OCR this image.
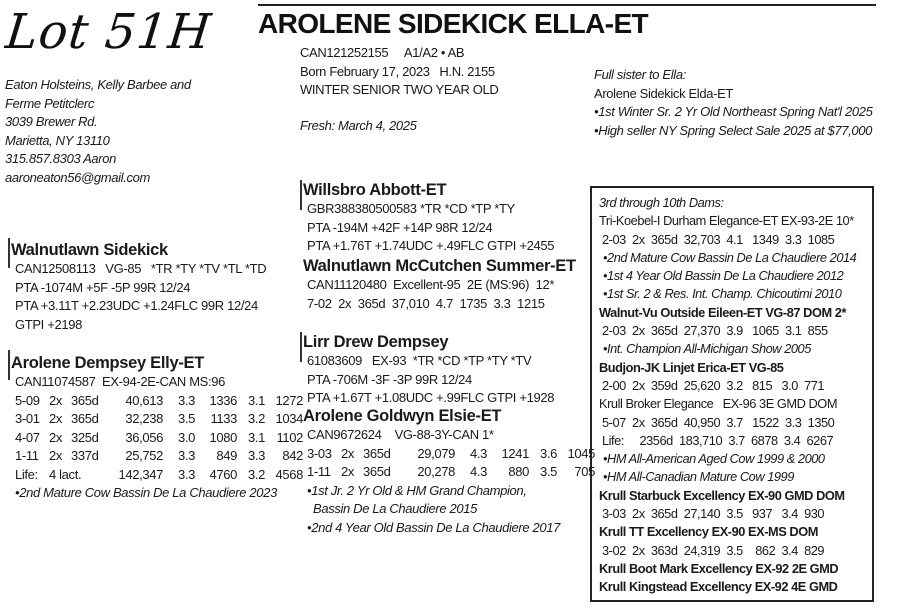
Lot 51H AROLENE SIDEKICK ELLA-ET
CAN121252155     A1/A2 • AB
Born February 17, 2023   H.N. 2155
WINTER SENIOR TWO YEAR OLD
Fresh: March 4, 2025
Eaton Holsteins, Kelly Barbee and
Ferme Petitclerc
3039 Brewer Rd.
Marietta, NY 13110
315.857.8303 Aaron
aaroneaton56@gmail.com
Full sister to Ella:
Arolene Sidekick Elda-ET
•1st Winter Sr. 2 Yr Old Northeast Spring Nat'l 2025
•High seller NY Spring Select Sale 2025 at $77,000
Walnutlawn Sidekick
CAN12508113   VG-85   *TR *TY *TV *TL *TD
PTA -1074M +5F -5P 99R 12/24
PTA +3.11T +2.23UDC +1.24FLC 99R 12/24
GTPI +2198
Arolene Dempsey Elly-ET
CAN11074587  EX-94-2E-CAN MS:96
5-09 2x 365d 40,613 3.3 1336 3.1 1272
3-01 2x 365d 32,238 3.5 1133 3.2 1034
4-07 2x 325d 36,056 3.0 1080 3.1 1102
1-11 2x 337d 25,752 3.3 849 3.3 842
Life: 4 lact.	142,347 3.3 4760 3.2 4568
•2nd Mature Cow Bassin De La Chaudiere 2023
Willsbro Abbott-ET
GBR388380500583 *TR *CD *TP *TY
PTA -194M +42F +14P 98R 12/24
PTA +1.76T +1.74UDC +.49FLC GTPI +2455
Walnutlawn McCutchen Summer-ET
CAN11120480  Excellent-95  2E (MS:96)  12*
7-02  2x  365d  37,010  4.7  1735  3.3  1215
Lirr Drew Dempsey
61083609   EX-93  *TR *CD *TP *TY *TV
PTA -706M -3F -3P 99R 12/24
PTA +1.67T +1.08UDC +.99FLC GTPI +1928
Arolene Goldwyn Elsie-ET
CAN9672624    VG-88-3Y-CAN 1*
3-03 2x 365d 29,079 4.3 1241 3.6 1045
1-11 2x 365d 20,278 4.3 880 3.5 705
•1st Jr. 2 Yr Old & HM Grand Champion,
Bassin De La Chaudiere 2015
•2nd 4 Year Old Bassin De La Chaudiere 2017
3rd through 10th Dams:
Tri-Koebel-I Durham Elegance-ET EX-93-2E 10*
2-03  2x  365d  32,703  4.1   1349  3.3  1085
•2nd Mature Cow Bassin De La Chaudiere 2014
•1st 4 Year Old Bassin De La Chaudiere 2012
•1st Sr. 2 & Res. Int. Champ. Chicoutimi 2010
Walnut-Vu Outside Eileen-ET VG-87 DOM 2*
2-03  2x  365d  27,370  3.9   1065  3.1  855
•Int. Champion All-Michigan Show 2005
Budjon-JK Linjet Erica-ET VG-85
2-00  2x  359d  25,620  3.2   815   3.0  771
Krull Broker Elegance   EX-96 3E GMD DOM
5-07  2x  365d  40,950  3.7   1522  3.3  1350
Life:     2356d  183,710  3.7  6878  3.4  6267
•HM All-American Aged Cow 1999 & 2000
•HM All-Canadian Mature Cow 1999
Krull Starbuck Excellency EX-90 GMD DOM
3-03  2x  365d  27,140  3.5   937   3.4  930
Krull TT Excellency EX-90 EX-MS DOM
3-02  2x  363d  24,319  3.5    862  3.4  829
Krull Boot Mark Excellency EX-92 2E GMD
Krull Kingstead Excellency EX-92 4E GMD
